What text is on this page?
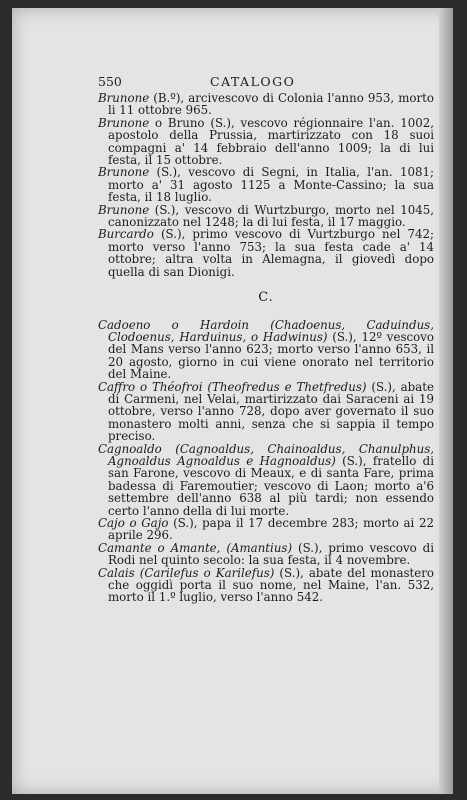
550	CATALOGO

Brunone (B.º), arcivescovo di Colonia l'anno 953, morto li 11 ottobre 965.

Brunone o Bruno (S.), vescovo régionnaire l'an. 1002, apostolo della Prussia, martirizzato con 18 suoi compagni a' 14 febbraio dell'anno 1009; la di lui festa, il 15 ottobre.

Brunone (S.), vescovo di Segni, in Italia, l'an. 1081; morto a' 31 agosto 1125 a Monte-Cassino; la sua festa, il 18 luglio.

Brunone (S.), vescovo di Wurtzburgo, morto nel 1045, canonizzato nel 1248; la di lui festa, il 17 maggio.

Burcardo (S.), primo vescovo di Vurtzburgo nel 742; morto verso l'anno 753; la sua festa cade a' 14 ottobre; altra volta in Alemagna, il giovedì dopo quella di san Dionigi.

C.

Cadoeno o Hardoin (Chadoenus, Caduindus, Clodoenus, Harduinus, o Hadwinus) (S.), 12º vescovo del Mans verso l'anno 623; morto verso l'anno 653, il 20 agosto, giorno in cui viene onorato nel territorio del Maine.

Caffro o Théofroi (Theofredus e Thetfredus) (S.), abate di Carmeni, nel Velai, martirizzato dai Saraceni ai 19 ottobre, verso l'anno 728, dopo aver governato il suo monastero molti anni, senza che si sappia il tempo preciso.

Cagnoaldo (Cagnoaldus, Chainoaldus, Chanulphus, Agnoaldus Agnoaldus e Hagnoaldus) (S.), fratello di san Farone, vescovo di Meaux, e di santa Fare, prima badessa di Faremoutier; vescovo di Laon; morto a'6 settembre dell'anno 638 al più tardi; non essendo certo l'anno della di lui morte.

Cajo o Gajo (S.), papa il 17 decembre 283; morto ai 22 aprile 296.

Camante o Amante, (Amantius) (S.), primo vescovo di Rodi nel quinto secolo: la sua festa, il 4 novembre.

Calais (Carilefus o Karilefus) (S.), abate del monastero che oggidì porta il suo nome, nel Maine, l'an. 532, morto il 1.º luglio, verso l'anno 542.
